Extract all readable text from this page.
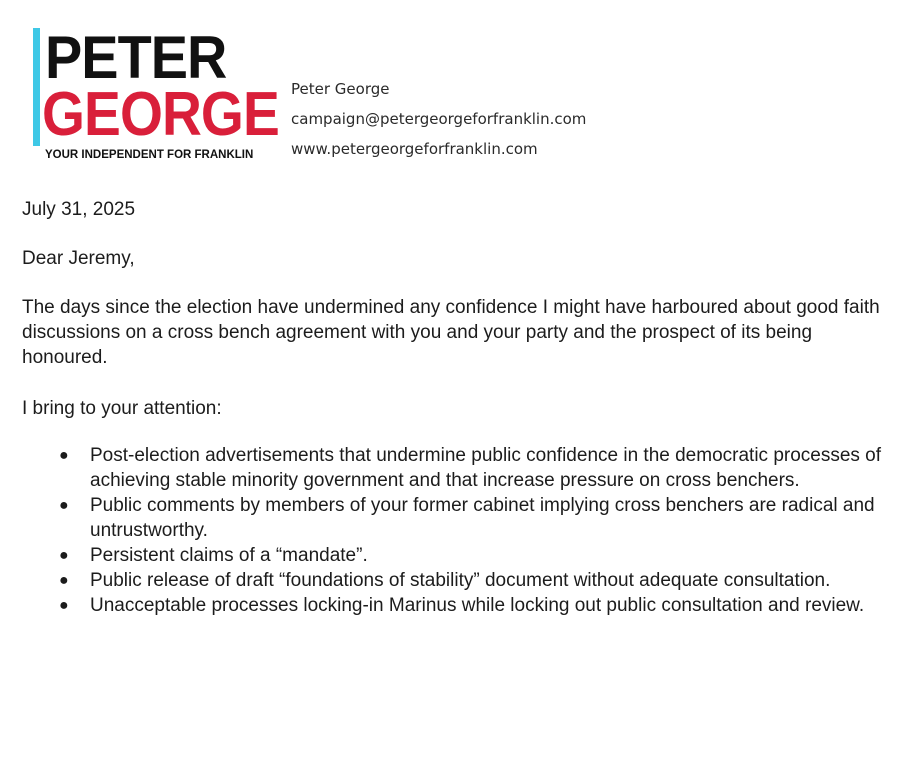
PETER
GEORGE
YOUR INDEPENDENT FOR FRANKLIN
Peter George
campaign@petergeorgeforfranklin.com
www.petergeorgeforfranklin.com
July 31, 2025
Dear Jeremy,
The days since the election have undermined any confidence I might have harboured about good faith discussions on a cross bench agreement with you and your party and the prospect of its being honoured.
I bring to your attention:
● Post-election advertisements that undermine public confidence in the democratic processes of achieving stable minority government and that increase pressure on cross benchers.
● Public comments by members of your former cabinet implying cross benchers are radical and untrustworthy.
● Persistent claims of a “mandate”.
● Public release of draft “foundations of stability” document without adequate consultation.
● Unacceptable processes locking-in Marinus while locking out public consultation and review.
